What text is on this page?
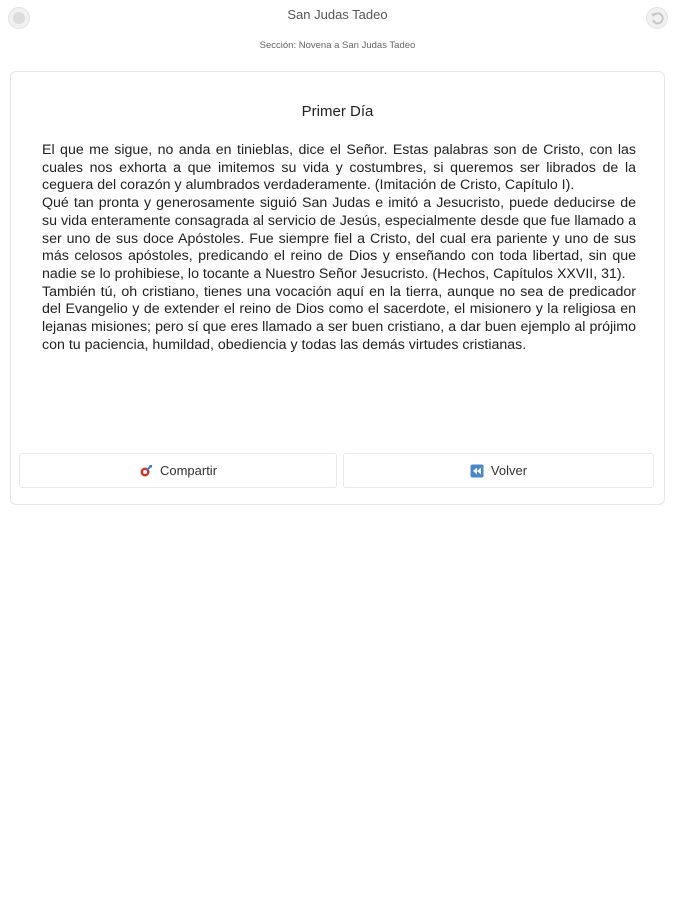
San Judas Tadeo
Sección: Novena a San Judas Tadeo
Primer Día

El que me sigue, no anda en tinieblas, dice el Señor. Estas palabras son de Cristo, con las cuales nos exhorta a que imitemos su vida y costumbres, si queremos ser librados de la ceguera del corazón y alumbrados verdaderamente. (Imitación de Cristo, Capítulo I).

Qué tan pronta y generosamente siguió San Judas e imitó a Jesucristo, puede deducirse de su vida enteramente consagrada al servicio de Jesús, especialmente desde que fue llamado a ser uno de sus doce Apóstoles. Fue siempre fiel a Cristo, del cual era pariente y uno de sus más celosos apóstoles, predicando el reino de Dios y enseñando con toda libertad, sin que nadie se lo prohibiese, lo tocante a Nuestro Señor Jesucristo. (Hechos, Capítulos XXVII, 31).

También tú, oh cristiano, tienes una vocación aquí en la tierra, aunque no sea de predicador del Evangelio y de extender el reino de Dios como el sacerdote, el misionero y la religiosa en lejanas misiones; pero sí que eres llamado a ser buen cristiano, a dar buen ejemplo al prójimo con tu paciencia, humildad, obediencia y todas las demás virtudes cristianas.

Compartir	Volver
